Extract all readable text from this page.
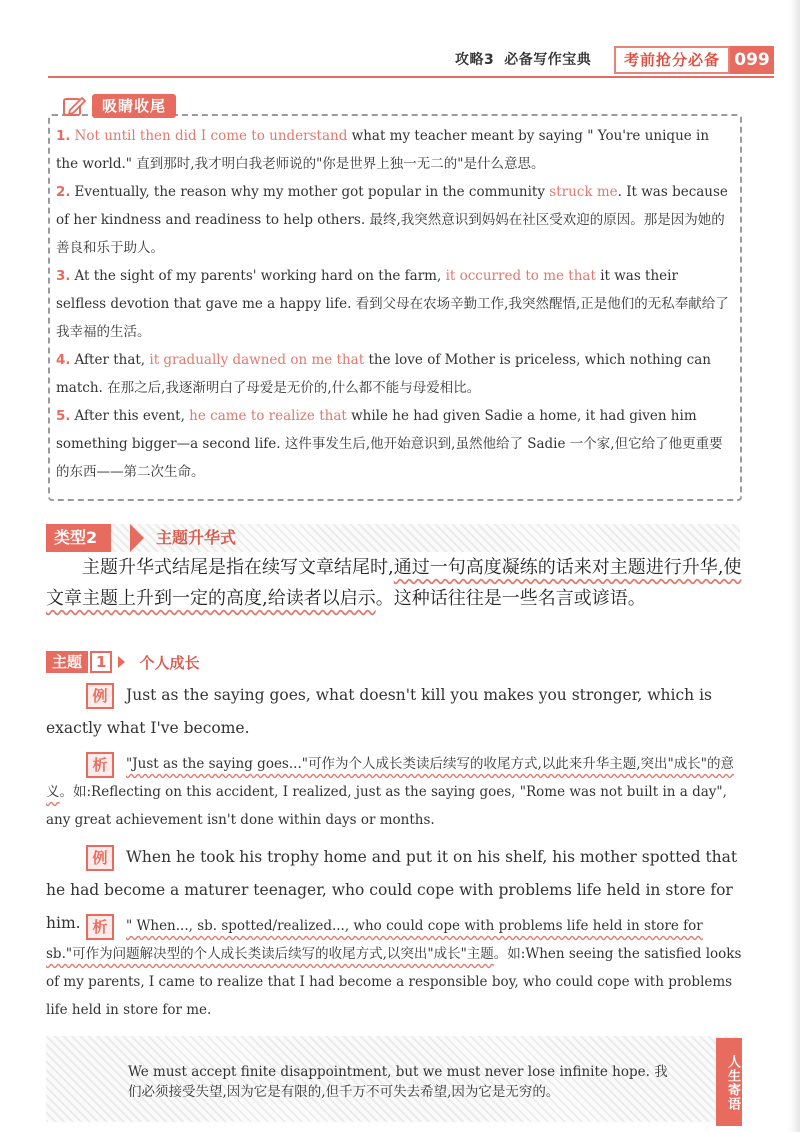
攻略3 必备写作宝典	考前抢分必备 099
吸睛收尾
1. Not until then did I come to understand what my teacher meant by saying " You're unique in the world." 直到那时,我才明白我老师说的"你是世界上独一无二的"是什么意思。
2. Eventually, the reason why my mother got popular in the community struck me. It was because of her kindness and readiness to help others. 最终,我突然意识到妈妈在社区受欢迎的原因。那是因为她的善良和乐于助人。
3. At the sight of my parents' working hard on the farm, it occurred to me that it was their selfless devotion that gave me a happy life. 看到父母在农场辛勤工作,我突然醒悟,正是他们的无私奉献给了我幸福的生活。
4. After that, it gradually dawned on me that the love of Mother is priceless, which nothing can match. 在那之后,我逐渐明白了母爱是无价的,什么都不能与母爱相比。
5. After this event, he came to realize that while he had given Sadie a home, it had given him something bigger—a second life. 这件事发生后,他开始意识到,虽然他给了 Sadie 一个家,但它给了他更重要的东西——第二次生命。
类型2	主题升华式
主题升华式结尾是指在续写文章结尾时,通过一句高度凝练的话来对主题进行升华,使文章主题上升到一定的高度,给读者以启示。这种话往往是一些名言或谚语。
主题 1	个人成长
例 Just as the saying goes, what doesn't kill you makes you stronger, which is exactly what I've become.
析 "Just as the saying goes..."可作为个人成长类读后续写的收尾方式,以此来升华主题,突出"成长"的意义。如:Reflecting on this accident, I realized, just as the saying goes, "Rome was not built in a day", any great achievement isn't done within days or months.
例 When he took his trophy home and put it on his shelf, his mother spotted that he had become a maturer teenager, who could cope with problems life held in store for him. 析 " When..., sb. spotted/realized..., who could cope with problems life held in store for sb."可作为问题解决型的个人成长类读后续写的收尾方式,以突出"成长"主题。如:When seeing the satisfied looks of my parents, I came to realize that I had become a responsible boy, who could cope with problems life held in store for me.
We must accept finite disappointment, but we must never lose infinite hope. 我们必须接受失望,因为它是有限的,但千万不可失去希望,因为它是无穷的。	人生寄语
